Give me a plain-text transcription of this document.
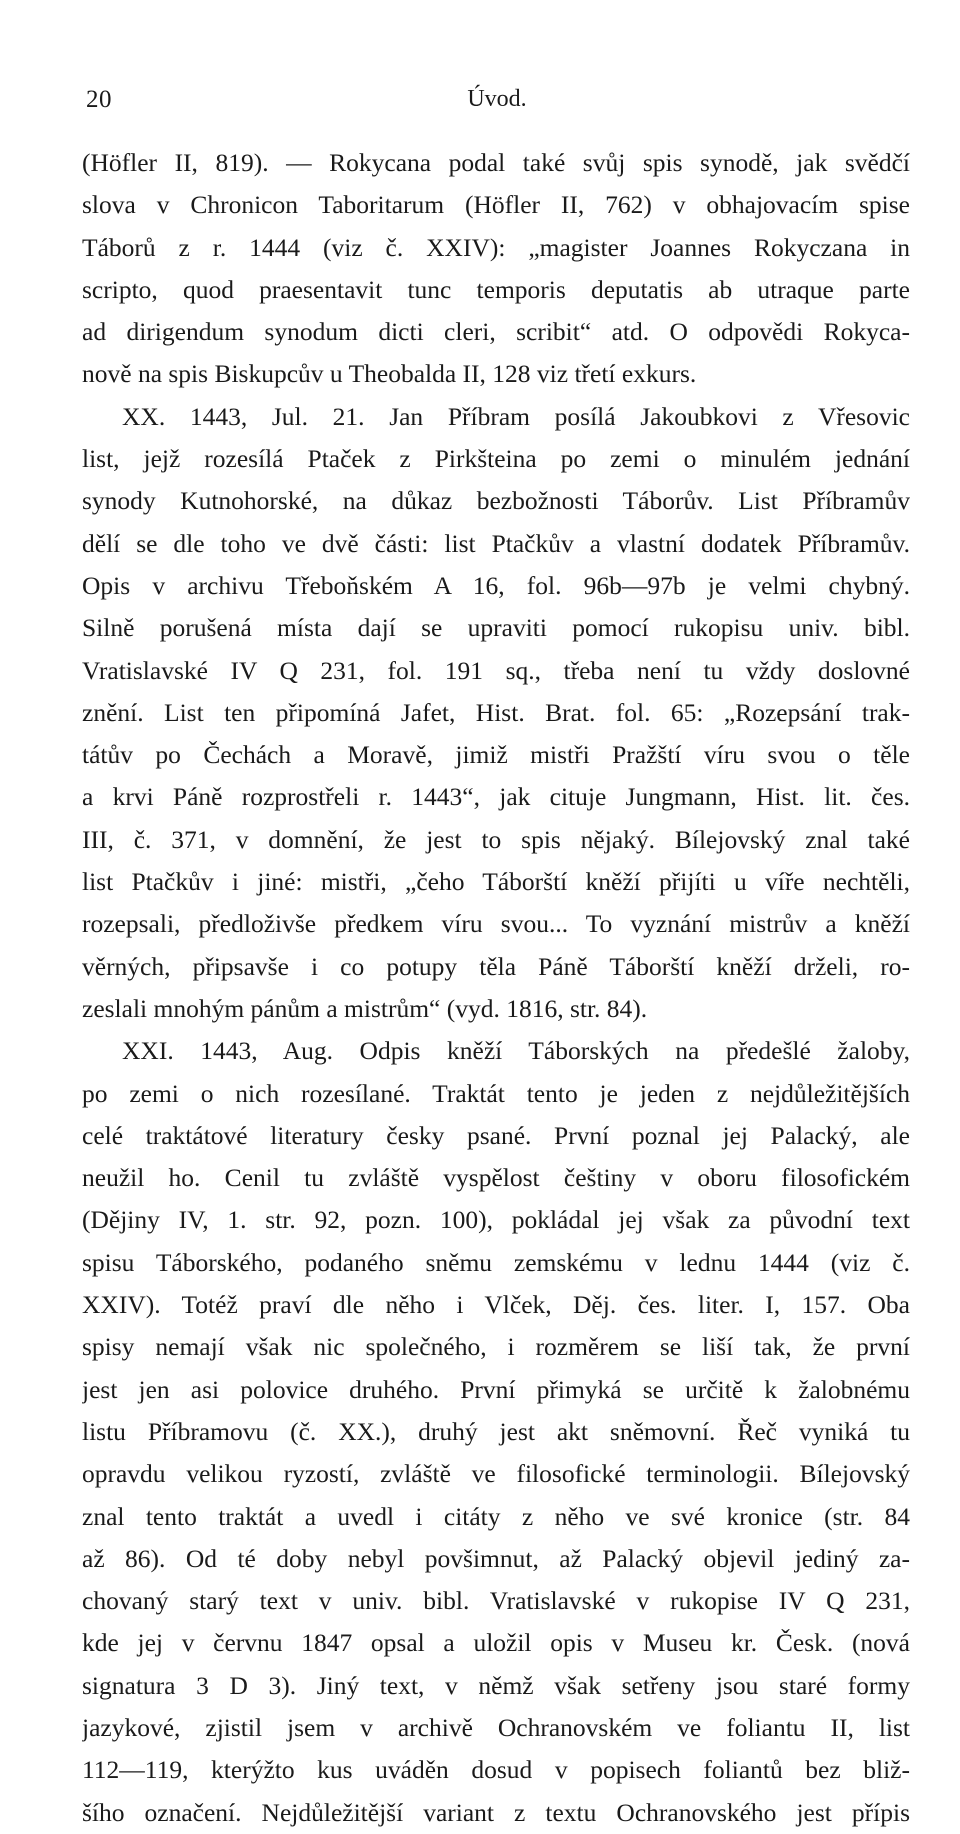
20	Úvod.
(Höfler II, 819). — Rokycana podal také svůj spis synodě, jak svědčí
slova v Chronicon Taboritarum (Höfler II, 762) v obhajovacím spise
Táborů z r. 1444 (viz č. XXIV): „magister Joannes Rokyczana in
scripto, quod praesentavit tunc temporis deputatis ab utraque parte
ad dirigendum synodum dicti cleri, scribit“ atd. O odpovědi Rokyca-
nově na spis Biskupcův u Theobalda II, 128 viz třetí exkurs.
XX. 1443, Jul. 21. Jan Příbram posílá Jakoubkovi z Vřesovic
list, jejž rozesílá Ptaček z Pirkšteina po zemi o minulém jednání
synody Kutnohorské, na důkaz bezbožnosti Táborův. List Příbramův
dělí se dle toho ve dvě části: list Ptačkův a vlastní dodatek Příbramův.
Opis v archivu Třeboňském A 16, fol. 96b—97b je velmi chybný.
Silně porušená místa dají se upraviti pomocí rukopisu univ. bibl.
Vratislavské IV Q 231, fol. 191 sq., třeba není tu vždy doslovné
znění. List ten připomíná Jafet, Hist. Brat. fol. 65: „Rozepsání trak-
tátův po Čechách a Moravě, jimiž mistři Pražští víru svou o těle
a krvi Páně rozprostřeli r. 1443“, jak cituje Jungmann, Hist. lit. čes.
III, č. 371, v domnění, že jest to spis nějaký. Bílejovský znal také
list Ptačkův i jiné: mistři, „čeho Táborští kněží přijíti u víře nechtěli,
rozepsali, předloživše předkem víru svou... To vyznání mistrův a kněží
věrných, připsavše i co potupy těla Páně Táborští kněží drželi, ro-
zeslali mnohým pánům a mistrům“ (vyd. 1816, str. 84).
XXI. 1443, Aug. Odpis kněží Táborských na předešlé žaloby,
po zemi o nich rozesílané. Traktát tento je jeden z nejdůležitějších
celé traktátové literatury česky psané. První poznal jej Palacký, ale
neužil ho. Cenil tu zvláště vyspělost češtiny v oboru filosofickém
(Dějiny IV, 1. str. 92, pozn. 100), pokládal jej však za původní text
spisu Táborského, podaného sněmu zemskému v lednu 1444 (viz č.
XXIV). Totéž praví dle něho i Vlček, Děj. čes. liter. I, 157. Oba
spisy nemají však nic společného, i rozměrem se liší tak, že první
jest jen asi polovice druhého. První přimyká se určitě k žalobnému
listu Příbramovu (č. XX.), druhý jest akt sněmovní. Řeč vyniká tu
opravdu velikou ryzostí, zvláště ve filosofické terminologii. Bílejovský
znal tento traktát a uvedl i citáty z něho ve své kronice (str. 84
až 86). Od té doby nebyl povšimnut, až Palacký objevil jediný za-
chovaný starý text v univ. bibl. Vratislavské v rukopise IV Q 231,
kde jej v červnu 1847 opsal a uložil opis v Museu kr. Česk. (nová
signatura 3 D 3). Jiný text, v němž však setřeny jsou staré formy
jazykové, zjistil jsem v archivě Ochranovském ve foliantu II, list
112—119, kterýžto kus uváděn dosud v popisech foliantů bez bliž-
šího označení. Nejdůležitější variant z textu Ochranovského jest přípis
